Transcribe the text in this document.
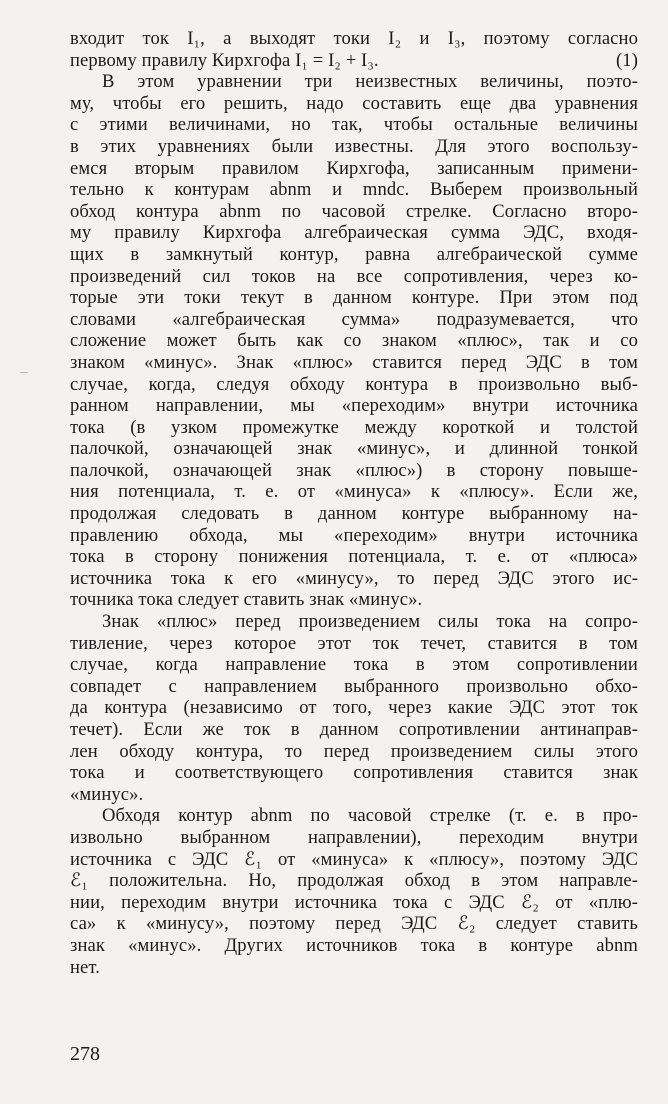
входит ток I₁, а выходят токи I₂ и I₃, поэтому согласно
первому правилу Кирхгофа I₁ = I₂ + I₃.	(1)
В этом уравнении три неизвестных величины, поэто-
му, чтобы его решить, надо составить еще два уравнения
с этими величинами, но так, чтобы остальные величины
в этих уравнениях были известны. Для этого воспользу-
емся вторым правилом Кирхгофа, записанным примени-
тельно к контурам abnm и mndc. Выберем произвольный
обход контура abnm по часовой стрелке. Согласно второ-
му правилу Кирхгофа алгебраическая сумма ЭДС, входя-
щих в замкнутый контур, равна алгебраической сумме
произведений сил токов на все сопротивления, через ко-
торые эти токи текут в данном контуре. При этом под
словами «алгебраическая сумма» подразумевается, что
сложение может быть как со знаком «плюс», так и со
знаком «минус». Знак «плюс» ставится перед ЭДС в том
случае, когда, следуя обходу контура в произвольно выб-
ранном направлении, мы «переходим» внутри источника
тока (в узком промежутке между короткой и толстой
палочкой, означающей знак «минус», и длинной тонкой
палочкой, означающей знак «плюс») в сторону повыше-
ния потенциала, т. е. от «минуса» к «плюсу». Если же,
продолжая следовать в данном контуре выбранному на-
правлению обхода, мы «переходим» внутри источника
тока в сторону понижения потенциала, т. е. от «плюса»
источника тока к его «минусу», то перед ЭДС этого ис-
точника тока следует ставить знак «минус».
Знак «плюс» перед произведением силы тока на сопро-
тивление, через которое этот ток течет, ставится в том
случае, когда направление тока в этом сопротивлении
совпадет с направлением выбранного произвольно обхо-
да контура (независимо от того, через какие ЭДС этот ток
течет). Если же ток в данном сопротивлении антинаправ-
лен обходу контура, то перед произведением силы этого
тока и соответствующего сопротивления ставится знак
«минус».
Обходя контур abnm по часовой стрелке (т. е. в про-
извольно выбранном направлении), переходим внутри
источника с ЭДС ℰ₁ от «минуса» к «плюсу», поэтому ЭДС
ℰ₁ положительна. Но, продолжая обход в этом направле-
нии, переходим внутри источника тока с ЭДС ℰ₂ от «плю-
са» к «минусу», поэтому перед ЭДС ℰ₂ следует ставить
знак «минус». Других источников тока в контуре abnm
нет.
278
